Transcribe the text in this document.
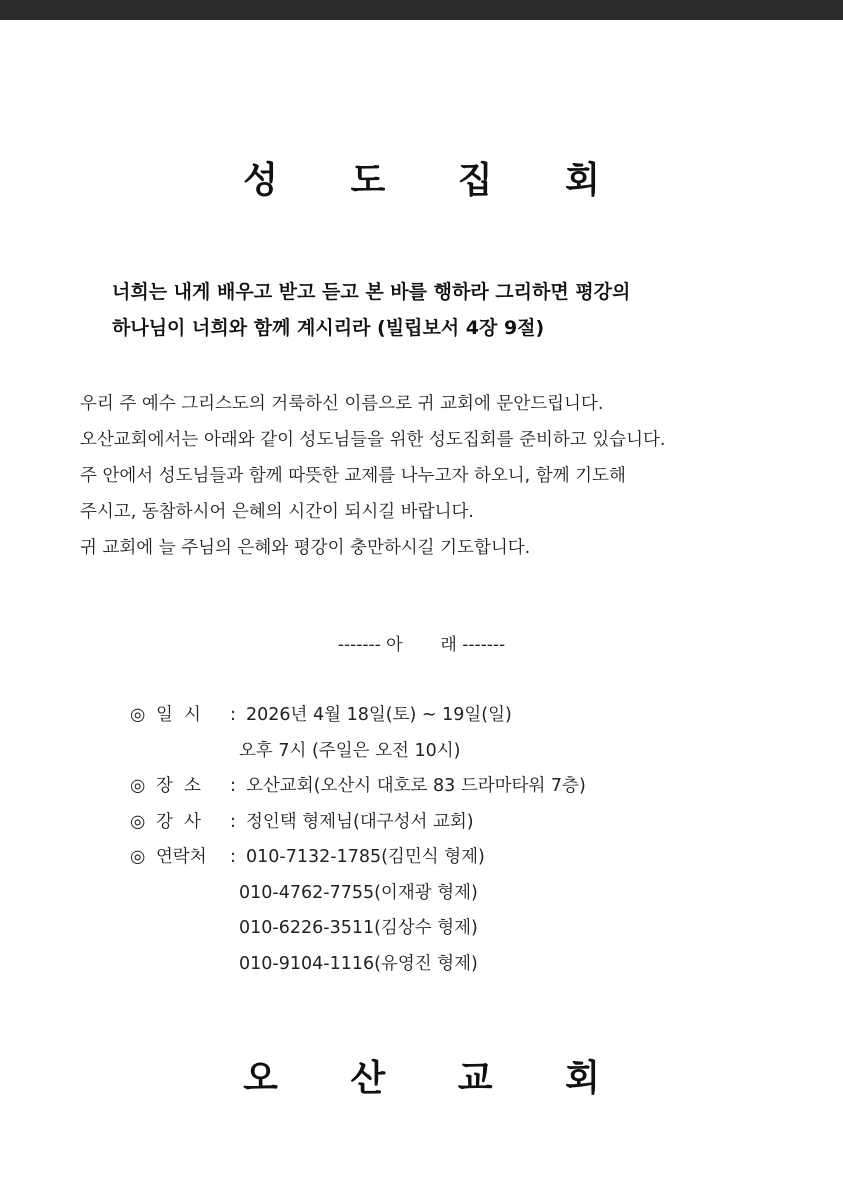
성 도 집 회

너희는 내게 배우고 받고 듣고 본 바를 행하라 그리하면 평강의
하나님이 너희와 함께 계시리라 (빌립보서 4장 9절)

우리 주 예수 그리스도의 거룩하신 이름으로 귀 교회에 문안드립니다.
오산교회에서는 아래와 같이 성도님들을 위한 성도집회를 준비하고 있습니다.
주 안에서 성도님들과 함께 따뜻한 교제를 나누고자 하오니, 함께 기도해
주시고, 동참하시어 은혜의 시간이 되시길 바랍니다.
귀 교회에 늘 주님의 은혜와 평강이 충만하시길 기도합니다.

------- 아       래 -------

◎ 일  시	: 2026년 4월 18일(토) ~ 19일(일)
오후 7시 (주일은 오전 10시)
◎ 장  소	: 오산교회(오산시 대호로 83 드라마타워 7층)
◎ 강  사	: 정인택 형제님(대구성서 교회)
◎ 연락처	: 010-7132-1785(김민식 형제)
010-4762-7755(이재광 형제)
010-6226-3511(김상수 형제)
010-9104-1116(유영진 형제)
오 산 교 회
